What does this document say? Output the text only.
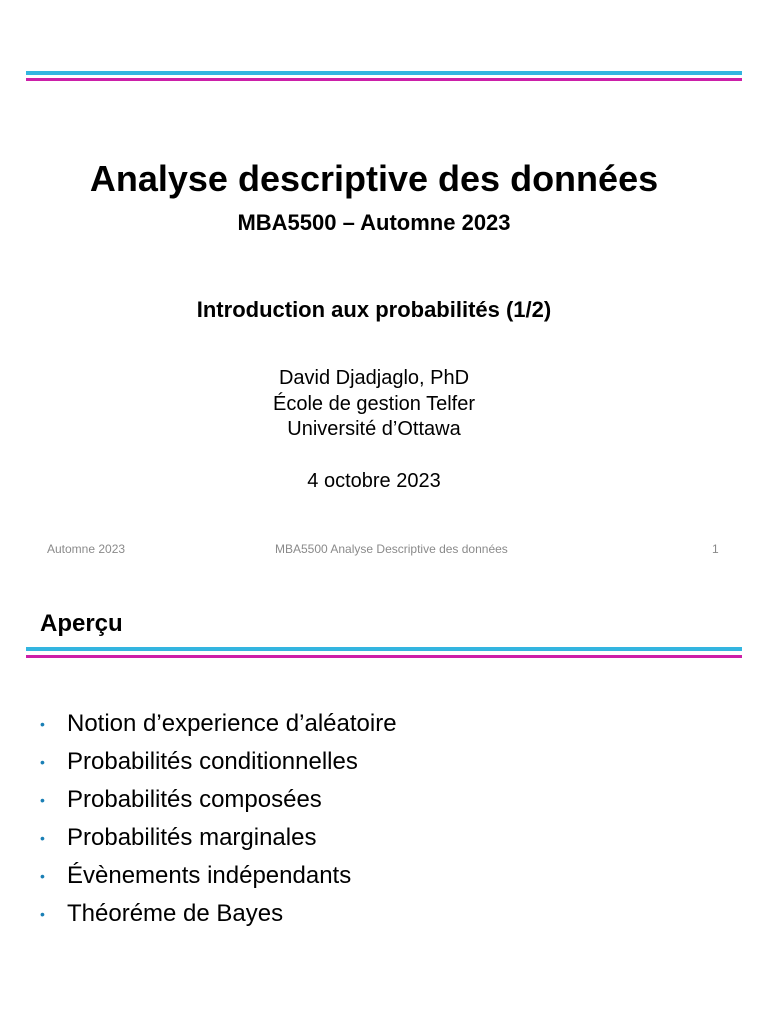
Analyse descriptive des données
MBA5500 – Automne 2023
Introduction aux probabilités (1/2)
David Djadjaglo, PhD
École de gestion Telfer
Université d’Ottawa
4 octobre 2023
Automne 2023	MBA5500 Analyse Descriptive des données	1
Aperçu
• Notion d’experience d’aléatoire
• Probabilités conditionnelles
• Probabilités composées
• Probabilités marginales
• Évènements indépendants
• Théoréme de Bayes
